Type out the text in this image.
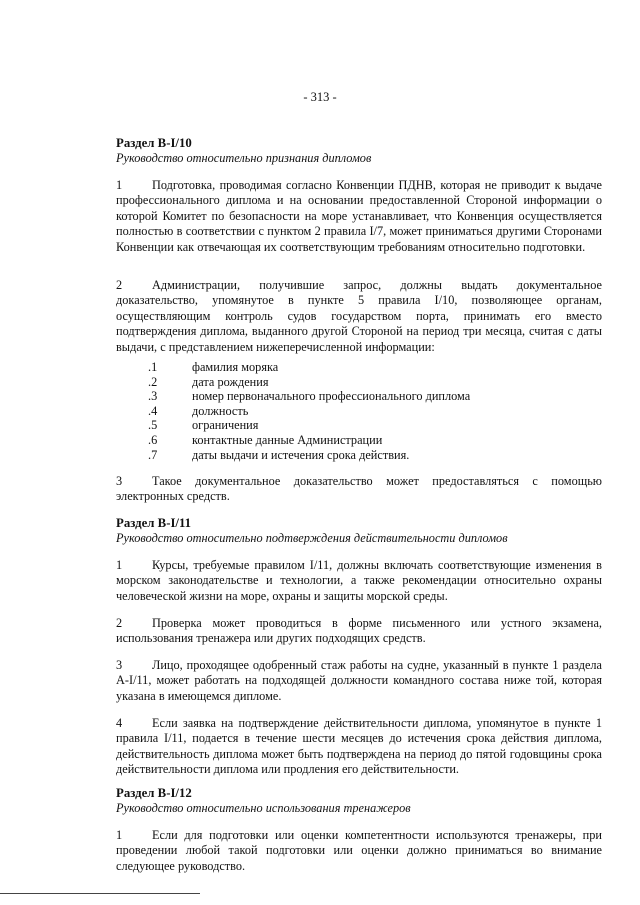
- 313 -
Раздел B-I/10
Руководство относительно признания дипломов
1 Подготовка, проводимая согласно Конвенции ПДНВ, которая не приводит к выдаче профессионального диплома и на основании предоставленной Стороной информации о которой Комитет по безопасности на море устанавливает, что Конвенция осуществляется полностью в соответствии с пунктом 2 правила I/7, может приниматься другими Сторонами Конвенции как отвечающая их соответствующим требованиям относительно подготовки.
2 Администрации, получившие запрос, должны выдать документальное доказательство, упомянутое в пункте 5 правила I/10, позволяющее органам, осуществляющим контроль судов государством порта, принимать его вместо подтверждения диплома, выданного другой Стороной на период три месяца, считая с даты выдачи, с представлением нижеперечисленной информации:
.1	фамилия моряка
.2	дата рождения
.3	номер первоначального профессионального диплома
.4	должность
.5	ограничения
.6	контактные данные Администрации
.7	даты выдачи и истечения срока действия.
3 Такое документальное доказательство может предоставляться с помощью электронных средств.
Раздел B-I/11
Руководство относительно подтверждения действительности дипломов
1 Курсы, требуемые правилом I/11, должны включать соответствующие изменения в морском законодательстве и технологии, а также рекомендации относительно охраны человеческой жизни на море, охраны и защиты морской среды.
2 Проверка может проводиться в форме письменного или устного экзамена, использования тренажера или других подходящих средств.
3 Лицо, проходящее одобренный стаж работы на судне, указанный в пункте 1 раздела A-I/11, может работать на подходящей должности командного состава ниже той, которая указана в имеющемся дипломе.
4 Если заявка на подтверждение действительности диплома, упомянутое в пункте 1 правила I/11, подается в течение шести месяцев до истечения срока действия диплома, действительность диплома может быть подтверждена на период до пятой годовщины срока действительности диплома или продления его действительности.
Раздел B-I/12
Руководство относительно использования тренажеров
1 Если для подготовки или оценки компетентности используются тренажеры, при проведении любой такой подготовки или оценки должно приниматься во внимание следующее руководство.
